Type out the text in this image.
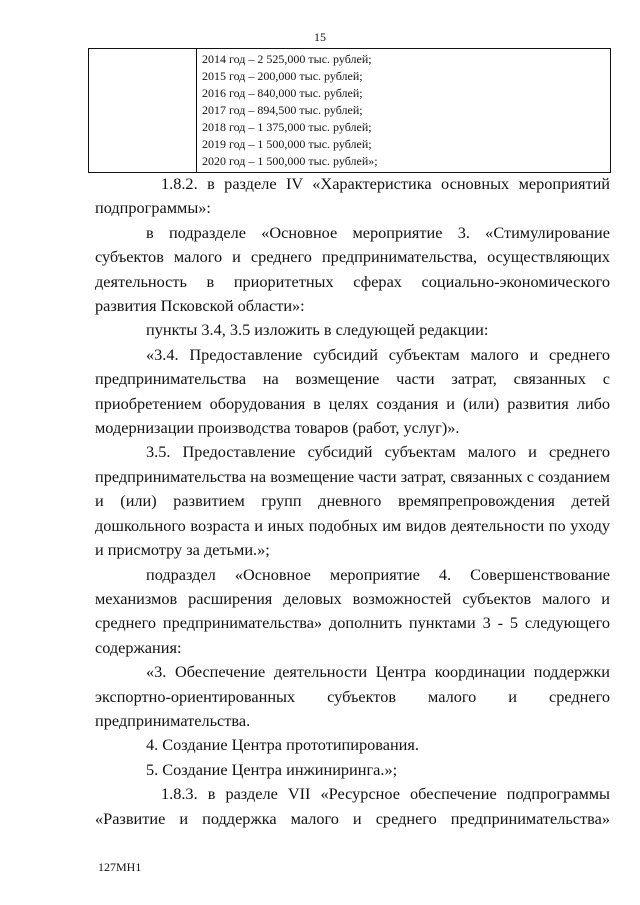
15

2014 год – 2 525,000 тыс. рублей;
2015 год – 200,000 тыс. рублей;
2016 год – 840,000 тыс. рублей;
2017 год – 894,500 тыс. рублей;
2018 год – 1 375,000 тыс. рублей;
2019 год – 1 500,000 тыс. рублей;
2020 год – 1 500,000 тыс. рублей»;

1.8.2. в разделе IV «Характеристика основных мероприятий подпрограммы»:

в подразделе «Основное мероприятие 3. «Стимулирование субъектов малого и среднего предпринимательства, осуществляющих деятельность в приоритетных сферах социально-экономического развития Псковской области»:

пункты 3.4, 3.5 изложить в следующей редакции:

«3.4. Предоставление субсидий субъектам малого и среднего предпринимательства на возмещение части затрат, связанных с приобретением оборудования в целях создания и (или) развития либо модернизации производства товаров (работ, услуг)».

3.5. Предоставление субсидий субъектам малого и среднего предпринимательства на возмещение части затрат, связанных с созданием и (или) развитием групп дневного времяпрепровождения детей дошкольного возраста и иных подобных им видов деятельности по уходу и присмотру за детьми.»;

подраздел «Основное мероприятие 4. Совершенствование механизмов расширения деловых возможностей субъектов малого и среднего предпринимательства» дополнить пунктами 3 - 5 следующего содержания:

«3. Обеспечение деятельности Центра координации поддержки экспортно-ориентированных субъектов малого и среднего предпринимательства.

4. Создание Центра прототипирования.

5. Создание Центра инжиниринга.»;

1.8.3. в разделе VII «Ресурсное обеспечение подпрограммы «Развитие и поддержка малого и среднего предпринимательства»

127МН1
